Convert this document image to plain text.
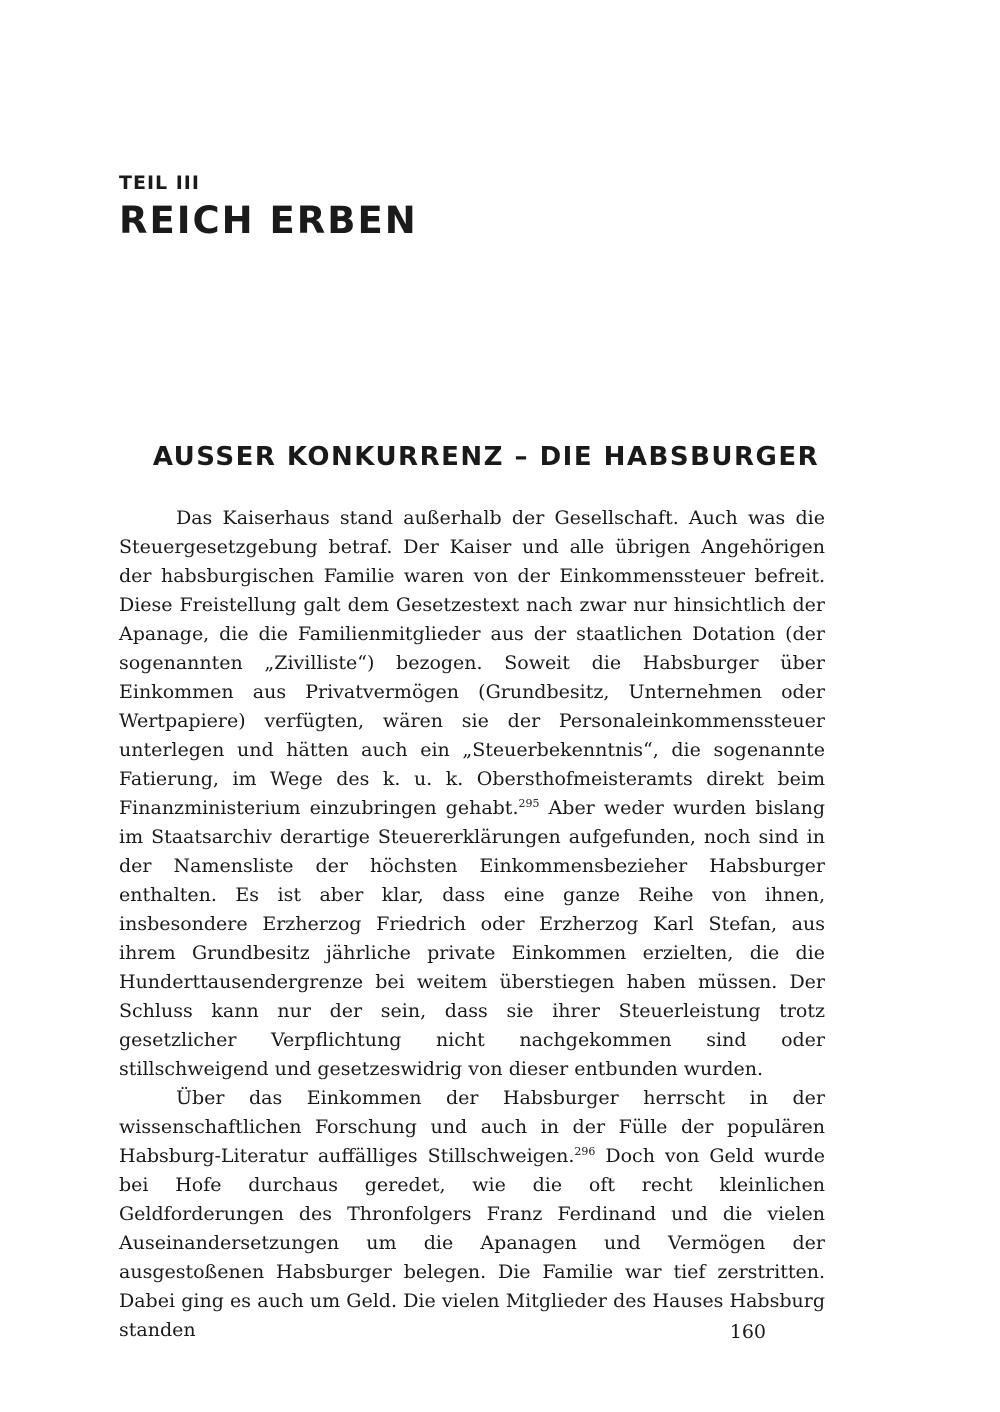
TEIL III
REICH ERBEN
AUSSER KONKURRENZ – DIE HABSBURGER

Das Kaiserhaus stand außerhalb der Gesellschaft. Auch was die Steuergesetzgebung betraf. Der Kaiser und alle übrigen Angehörigen der habsburgischen Familie waren von der Einkommenssteuer befreit. Diese Freistellung galt dem Gesetzestext nach zwar nur hinsichtlich der Apanage, die die Familienmitglieder aus der staatlichen Dotation (der sogenannten „Zivilliste“) bezogen. Soweit die Habsburger über Einkommen aus Privatvermögen (Grundbesitz, Unternehmen oder Wertpapiere) verfügten, wären sie der Personaleinkommenssteuer unterlegen und hätten auch ein „Steuerbekenntnis“, die sogenannte Fatierung, im Wege des k. u. k. Obersthofmeisteramts direkt beim Finanzministerium einzubringen gehabt.$^{295}$ Aber weder wurden bislang im Staatsarchiv derartige Steuererklärungen aufgefunden, noch sind in der Namensliste der höchsten Einkommensbezieher Habsburger enthalten. Es ist aber klar, dass eine ganze Reihe von ihnen, insbesondere Erzherzog Friedrich oder Erzherzog Karl Stefan, aus ihrem Grundbesitz jährliche private Einkommen erzielten, die die Hunderttausendergrenze bei weitem überstiegen haben müssen. Der Schluss kann nur der sein, dass sie ihrer Steuerleistung trotz gesetzlicher Verpflichtung nicht nachgekommen sind oder stillschweigend und gesetzeswidrig von dieser entbunden wurden.

Über das Einkommen der Habsburger herrscht in der wissenschaftlichen Forschung und auch in der Fülle der populären Habsburg-Literatur auffälliges Stillschweigen.$^{296}$ Doch von Geld wurde bei Hofe durchaus geredet, wie die oft recht kleinlichen Geldforderungen des Thronfolgers Franz Ferdinand und die vielen Auseinandersetzungen um die Apanagen und Vermögen der ausgestoßenen Habsburger belegen. Die Familie war tief zerstritten. Dabei ging es auch um Geld. Die vielen Mitglieder des Hauses Habsburg standen	160
